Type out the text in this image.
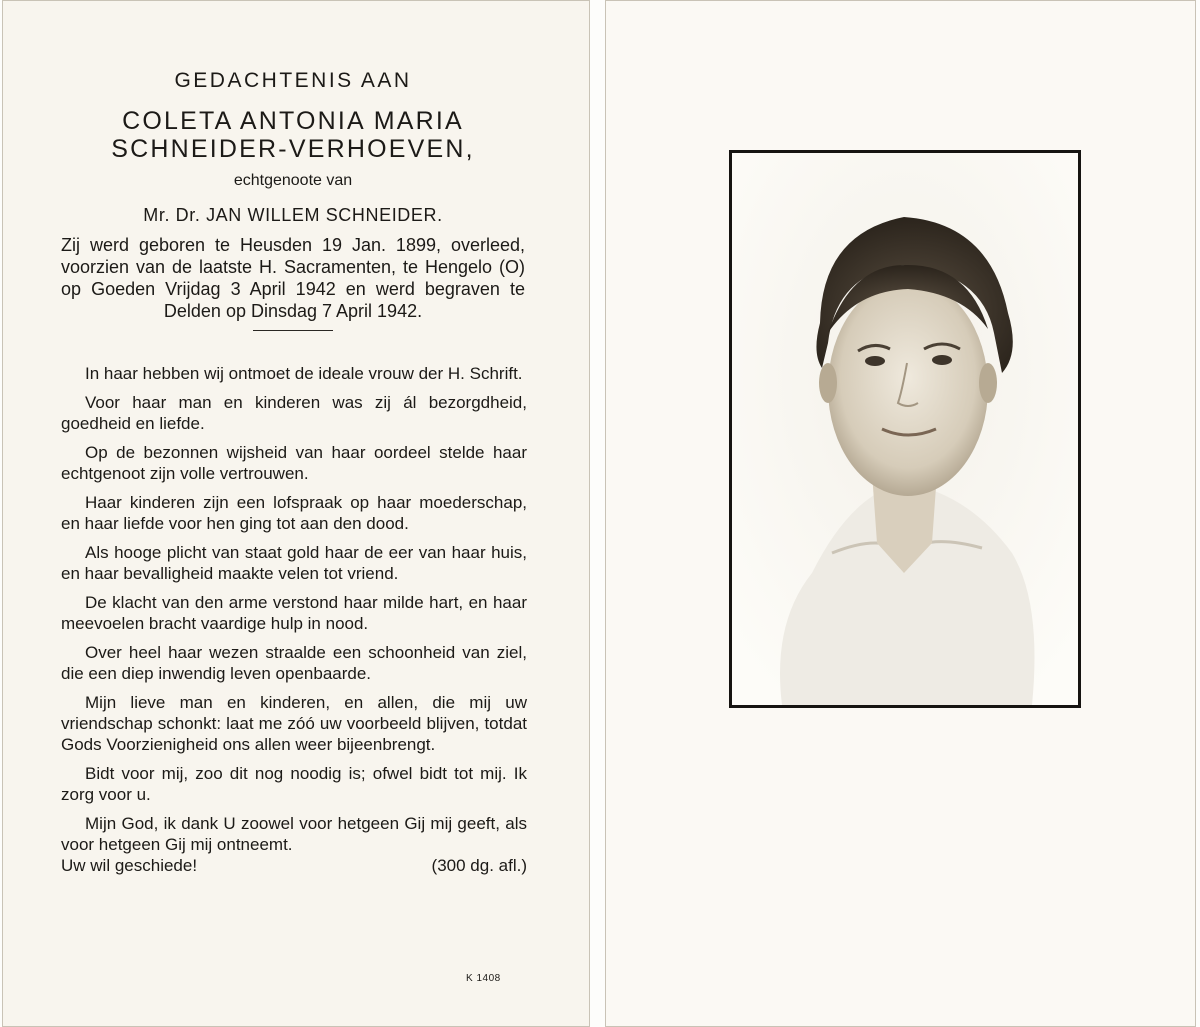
GEDACHTENIS AAN

COLETA ANTONIA MARIA

SCHNEIDER-VERHOEVEN,

echtgenoote van

Mr. Dr. JAN WILLEM SCHNEIDER.

Zij werd geboren te Heusden 19 Jan. 1899, overleed, voorzien van de laatste H. Sacramenten, te Hengelo (O) op Goeden Vrijdag 3 April 1942 en werd begraven te Delden op Dinsdag 7 April 1942.

In haar hebben wij ontmoet de ideale vrouw der H. Schrift.

Voor haar man en kinderen was zij ál bezorgdheid, goedheid en liefde.

Op de bezonnen wijsheid van haar oordeel stelde haar echtgenoot zijn volle vertrouwen.

Haar kinderen zijn een lofspraak op haar moederschap, en haar liefde voor hen ging tot aan den dood.

Als hooge plicht van staat gold haar de eer van haar huis, en haar bevalligheid maakte velen tot vriend.

De klacht van den arme verstond haar milde hart, en haar meevoelen bracht vaardige hulp in nood.

Over heel haar wezen straalde een schoonheid van ziel, die een diep inwendig leven openbaarde.

Mijn lieve man en kinderen, en allen, die mij uw vriendschap schonkt: laat me zóó uw voorbeeld blijven, totdat Gods Voorzienigheid ons allen weer bijeenbrengt.

Bidt voor mij, zoo dit nog noodig is; ofwel bidt tot mij. Ik zorg voor u.

Mijn God, ik dank U zoowel voor hetgeen Gij mij geeft, als voor hetgeen Gij mij ontneemt.

Uw wil geschiede!	(300 dg. afl.)
K 1408
